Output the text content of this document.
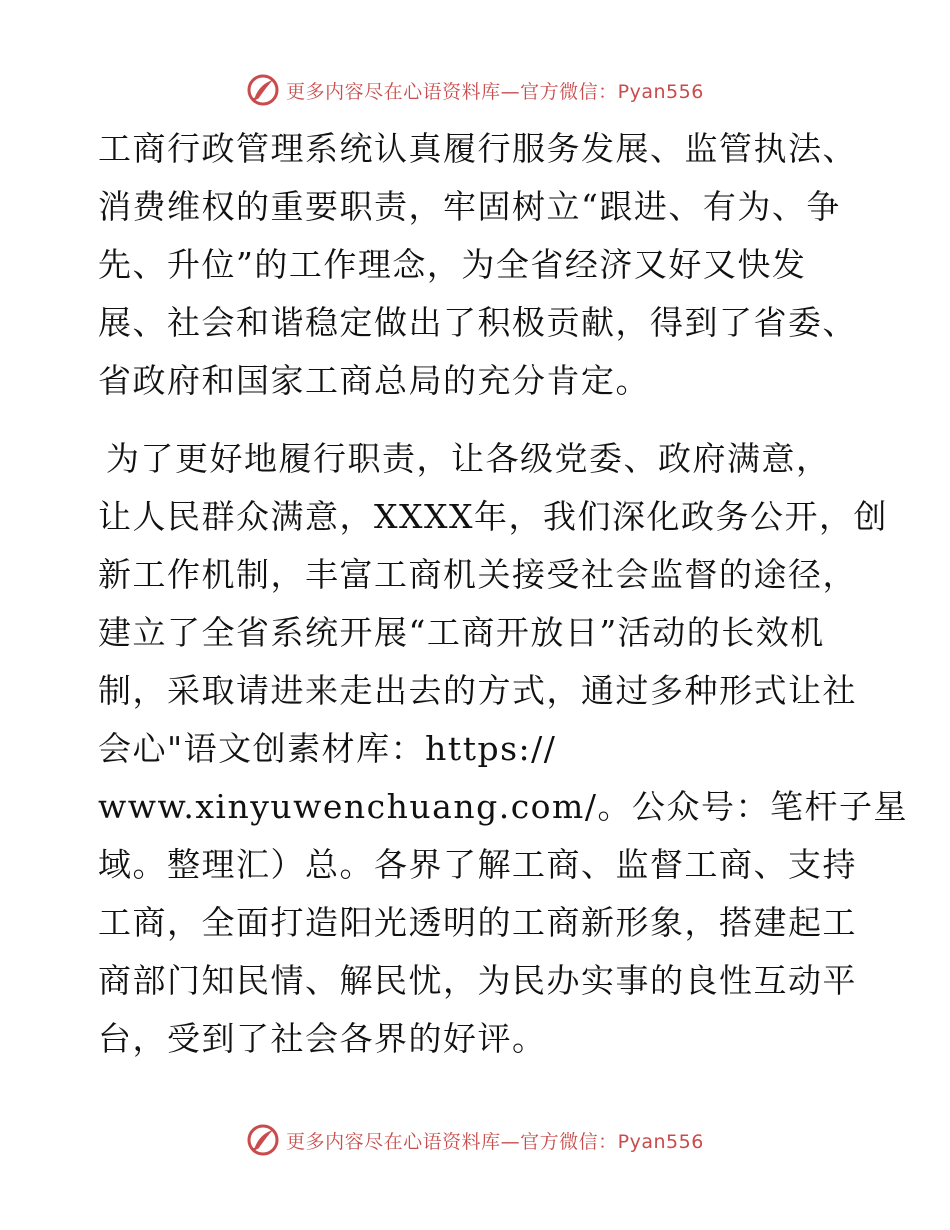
更多内容尽在心语资料库—官方微信：Pyan556
工商行政管理系统认真履行服务发展、监管执法、
消费维权的重要职责，牢固树立“跟进、有为、争
先、升位”的工作理念，为全省经济又好又快发
展、社会和谐稳定做出了积极贡献，得到了省委、
省政府和国家工商总局的充分肯定。
为了更好地履行职责，让各级党委、政府满意，
让人民群众满意，XXXX年，我们深化政务公开，创
新工作机制，丰富工商机关接受社会监督的途径，
建立了全省系统开展“工商开放日”活动的长效机
制，采取请进来走出去的方式，通过多种形式让社
会心"语文创素材库：https://
www.xinyuwenchuang.com/。公众号：笔杆子星
域。整理汇）总。各界了解工商、监督工商、支持
工商，全面打造阳光透明的工商新形象，搭建起工
商部门知民情、解民忧，为民办实事的良性互动平
台，受到了社会各界的好评。
更多内容尽在心语资料库—官方微信：Pyan556
